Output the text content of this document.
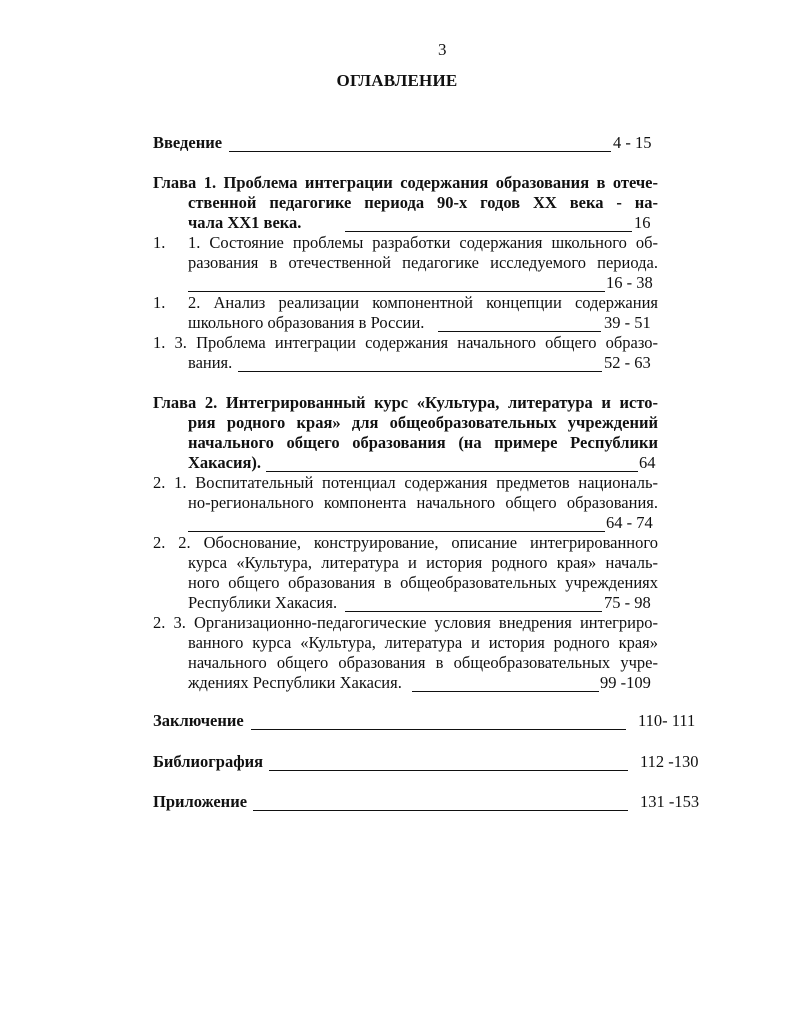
3
ОГЛАВЛЕНИЕ
Введение	4 - 15
Глава 1. Проблема интеграции содержания образования в отече-
ственной педагогике периода 90-х годов XX века - на-
чала XX1 века.	16
1. 1. Состояние проблемы разработки содержания школьного об-
разования в отечественной педагогике исследуемого периода.
16 - 38
1. 2. Анализ реализации компонентной концепции содержания
школьного образования в России.	39 - 51
1. 3. Проблема интеграции содержания начального общего образо-
вания.	52 - 63
Глава 2. Интегрированный курс «Культура, литература и исто-
рия родного края» для общеобразовательных учреждений
начального общего образования (на примере Республики
Хакасия).	64
2. 1. Воспитательный потенциал содержания предметов националь-
но-регионального компонента начального общего образования.
64 - 74
2. 2. Обоснование, конструирование, описание интегрированного
курса «Культура, литература и история родного края» началь-
ного общего образования в общеобразовательных учреждениях
Республики Хакасия.	75 - 98
2. 3. Организационно-педагогические условия внедрения интегриро-
ванного курса «Культура, литература и история родного края»
начального общего образования в общеобразовательных учре-
ждениях Республики Хакасия.	99 -109
Заключение	110- 111
Библиография	112 -130
Приложение	131 -153
